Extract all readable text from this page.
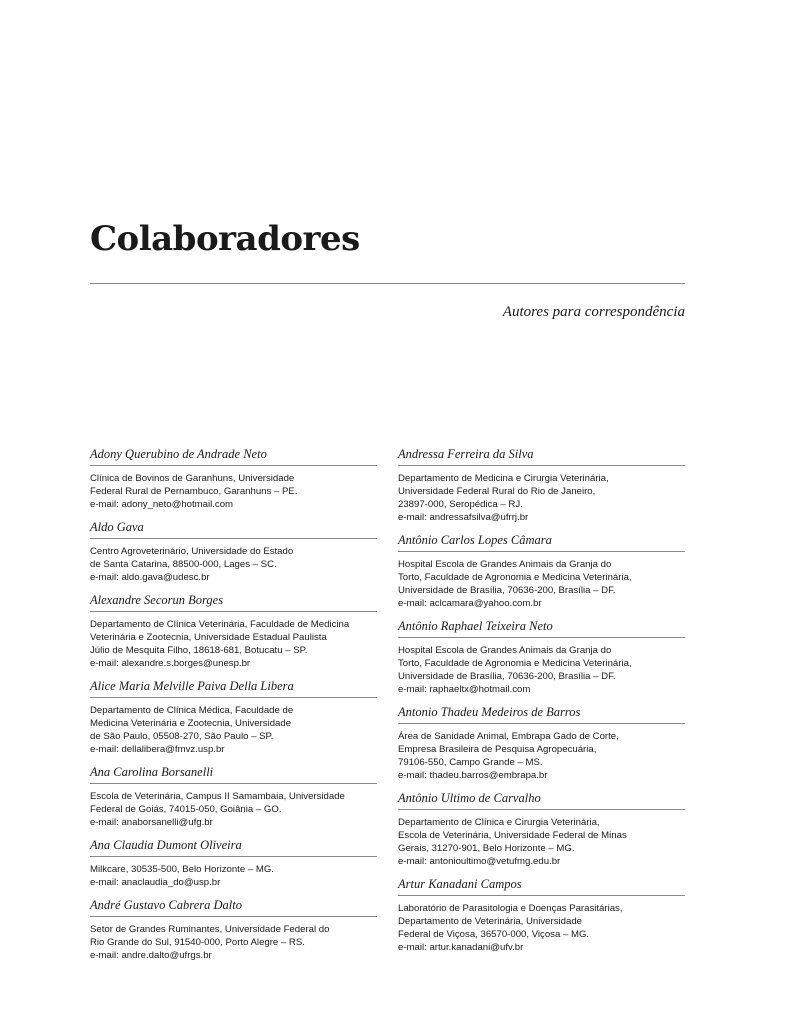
Colaboradores
Autores para correspondência
Adony Querubino de Andrade Neto
Clínica de Bovinos de Garanhuns, Universidade
Federal Rural de Pernambuco, Garanhuns – PE.
e-mail: adony_neto@hotmail.com
Aldo Gava
Centro Agroveterinário, Universidade do Estado
de Santa Catarina, 88500-000, Lages – SC.
e-mail: aldo.gava@udesc.br
Alexandre Secorun Borges
Departamento de Clínica Veterinária, Faculdade de Medicina
Veterinária e Zootecnia, Universidade Estadual Paulista
Júlio de Mesquita Filho, 18618-681, Botucatu – SP.
e-mail: alexandre.s.borges@unesp.br
Alice Maria Melville Paiva Della Libera
Departamento de Clínica Médica, Faculdade de
Medicina Veterinária e Zootecnia, Universidade
de São Paulo, 05508-270, São Paulo – SP.
e-mail: dellalibera@fmvz.usp.br
Ana Carolina Borsanelli
Escola de Veterinária, Campus II Samambaia, Universidade
Federal de Goiás, 74015-050, Goiânia – GO.
e-mail: anaborsanelli@ufg.br
Ana Claudia Dumont Oliveira
Milkcare, 30535-500, Belo Horizonte – MG.
e-mail: anaclaudia_do@usp.br
André Gustavo Cabrera Dalto
Setor de Grandes Ruminantes, Universidade Federal do
Rio Grande do Sul, 91540-000, Porto Alegre – RS.
e-mail: andre.dalto@ufrgs.br
Andressa Ferreira da Silva
Departamento de Medicina e Cirurgia Veterinária,
Universidade Federal Rural do Rio de Janeiro,
23897-000, Seropédica – RJ.
e-mail: andressafsilva@ufrrj.br
Antônio Carlos Lopes Câmara
Hospital Escola de Grandes Animais da Granja do
Torto, Faculdade de Agronomia e Medicina Veterinária,
Universidade de Brasília, 70636-200, Brasília – DF.
e-mail: aclcamara@yahoo.com.br
Antônio Raphael Teixeira Neto
Hospital Escola de Grandes Animais da Granja do
Torto, Faculdade de Agronomia e Medicina Veterinária,
Universidade de Brasília, 70636-200, Brasília – DF.
e-mail: raphaeltx@hotmail.com
Antonio Thadeu Medeiros de Barros
Área de Sanidade Animal, Embrapa Gado de Corte,
Empresa Brasileira de Pesquisa Agropecuária,
79106-550, Campo Grande – MS.
e-mail: thadeu.barros@embrapa.br
Antônio Ultimo de Carvalho
Departamento de Clínica e Cirurgia Veterinária,
Escola de Veterinária, Universidade Federal de Minas
Gerais, 31270-901, Belo Horizonte – MG.
e-mail: antonioultimo@vetufmg.edu.br
Artur Kanadani Campos
Laboratório de Parasitologia e Doenças Parasitárias,
Departamento de Veterinária, Universidade
Federal de Viçosa, 36570-000, Viçosa – MG.
e-mail: artur.kanadani@ufv.br
